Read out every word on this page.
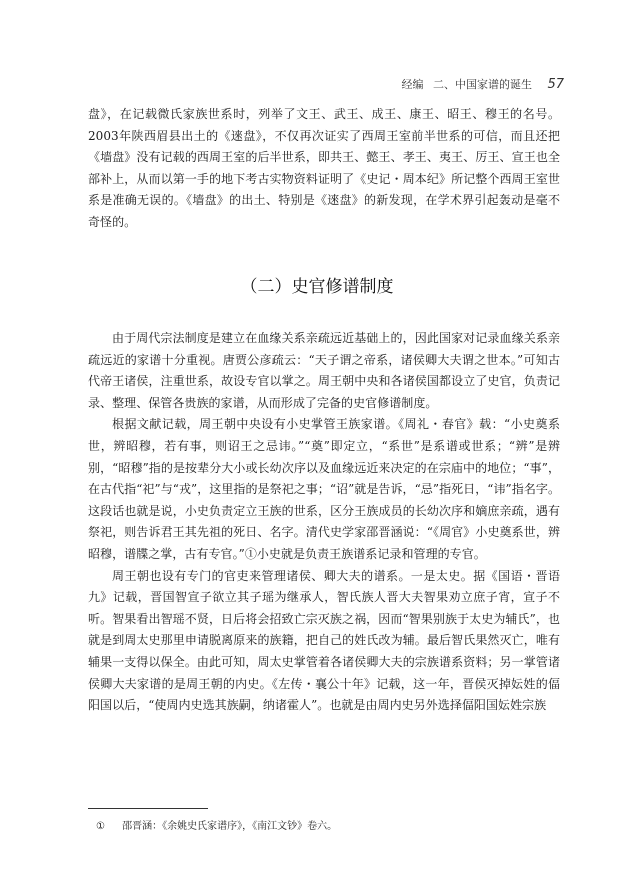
经编 二、中国家谱的诞生 57

盘》，在记载微氏家族世系时，列举了文王、武王、成王、康王、昭王、穆王的名号。2003年陕西眉县出土的《逨盘》，不仅再次证实了西周王室前半世系的可信，而且还把《墙盘》没有记载的西周王室的后半世系，即共王、懿王、孝王、夷王、厉王、宣王也全部补上，从而以第一手的地下考古实物资料证明了《史记・周本纪》所记整个西周王室世系是准确无误的。《墙盘》的出土、特别是《逨盘》的新发现，在学术界引起轰动是毫不奇怪的。

（二）史官修谱制度

由于周代宗法制度是建立在血缘关系亲疏远近基础上的，因此国家对记录血缘关系亲疏远近的家谱十分重视。唐贾公彦疏云：“天子谓之帝系，诸侯卿大夫谓之世本。”可知古代帝王诸侯，注重世系，故设专官以掌之。周王朝中央和各诸侯国都设立了史官，负责记录、整理、保管各贵族的家谱，从而形成了完备的史官修谱制度。

根据文献记载，周王朝中央设有小史掌管王族家谱。《周礼・春官》载：“小史奠系世，辨昭穆，若有事，则诏王之忌讳。”“奠”即定立，“系世”是系谱或世系；“辨”是辨别，“昭穆”指的是按辈分大小或长幼次序以及血缘远近来决定的在宗庙中的地位；“事”，在古代指“祀”与“戎”，这里指的是祭祀之事；“诏”就是告诉，“忌”指死日，“讳”指名字。这段话也就是说，小史负责定立王族的世系，区分王族成员的长幼次序和嫡庶亲疏，遇有祭祀，则告诉君王其先祖的死日、名字。清代史学家邵晋涵说：“《周官》小史奠系世，辨昭穆，谱牒之掌，古有专官。”①小史就是负责王族谱系记录和管理的专官。

周王朝也设有专门的官吏来管理诸侯、卿大夫的谱系。一是太史。据《国语・晋语九》记载，晋国智宣子欲立其子瑶为继承人，智氏族人晋大夫智果劝立庶子宵，宣子不听。智果看出智瑶不贤，日后将会招致亡宗灭族之祸，因而“智果别族于太史为辅氏”，也就是到周太史那里申请脱离原来的族籍，把自己的姓氏改为辅。最后智氏果然灭亡，唯有辅果一支得以保全。由此可知，周太史掌管着各诸侯卿大夫的宗族谱系资料；另一掌管诸侯卿大夫家谱的是周王朝的内史。《左传・襄公十年》记载，这一年，晋侯灭掉妘姓的偪阳国以后，“使周内史选其族嗣，纳诸霍人”。也就是由周内史另外选择偪阳国妘姓宗族

① 邵晋涵：《余姚史氏家谱序》，《南江文钞》卷六。
